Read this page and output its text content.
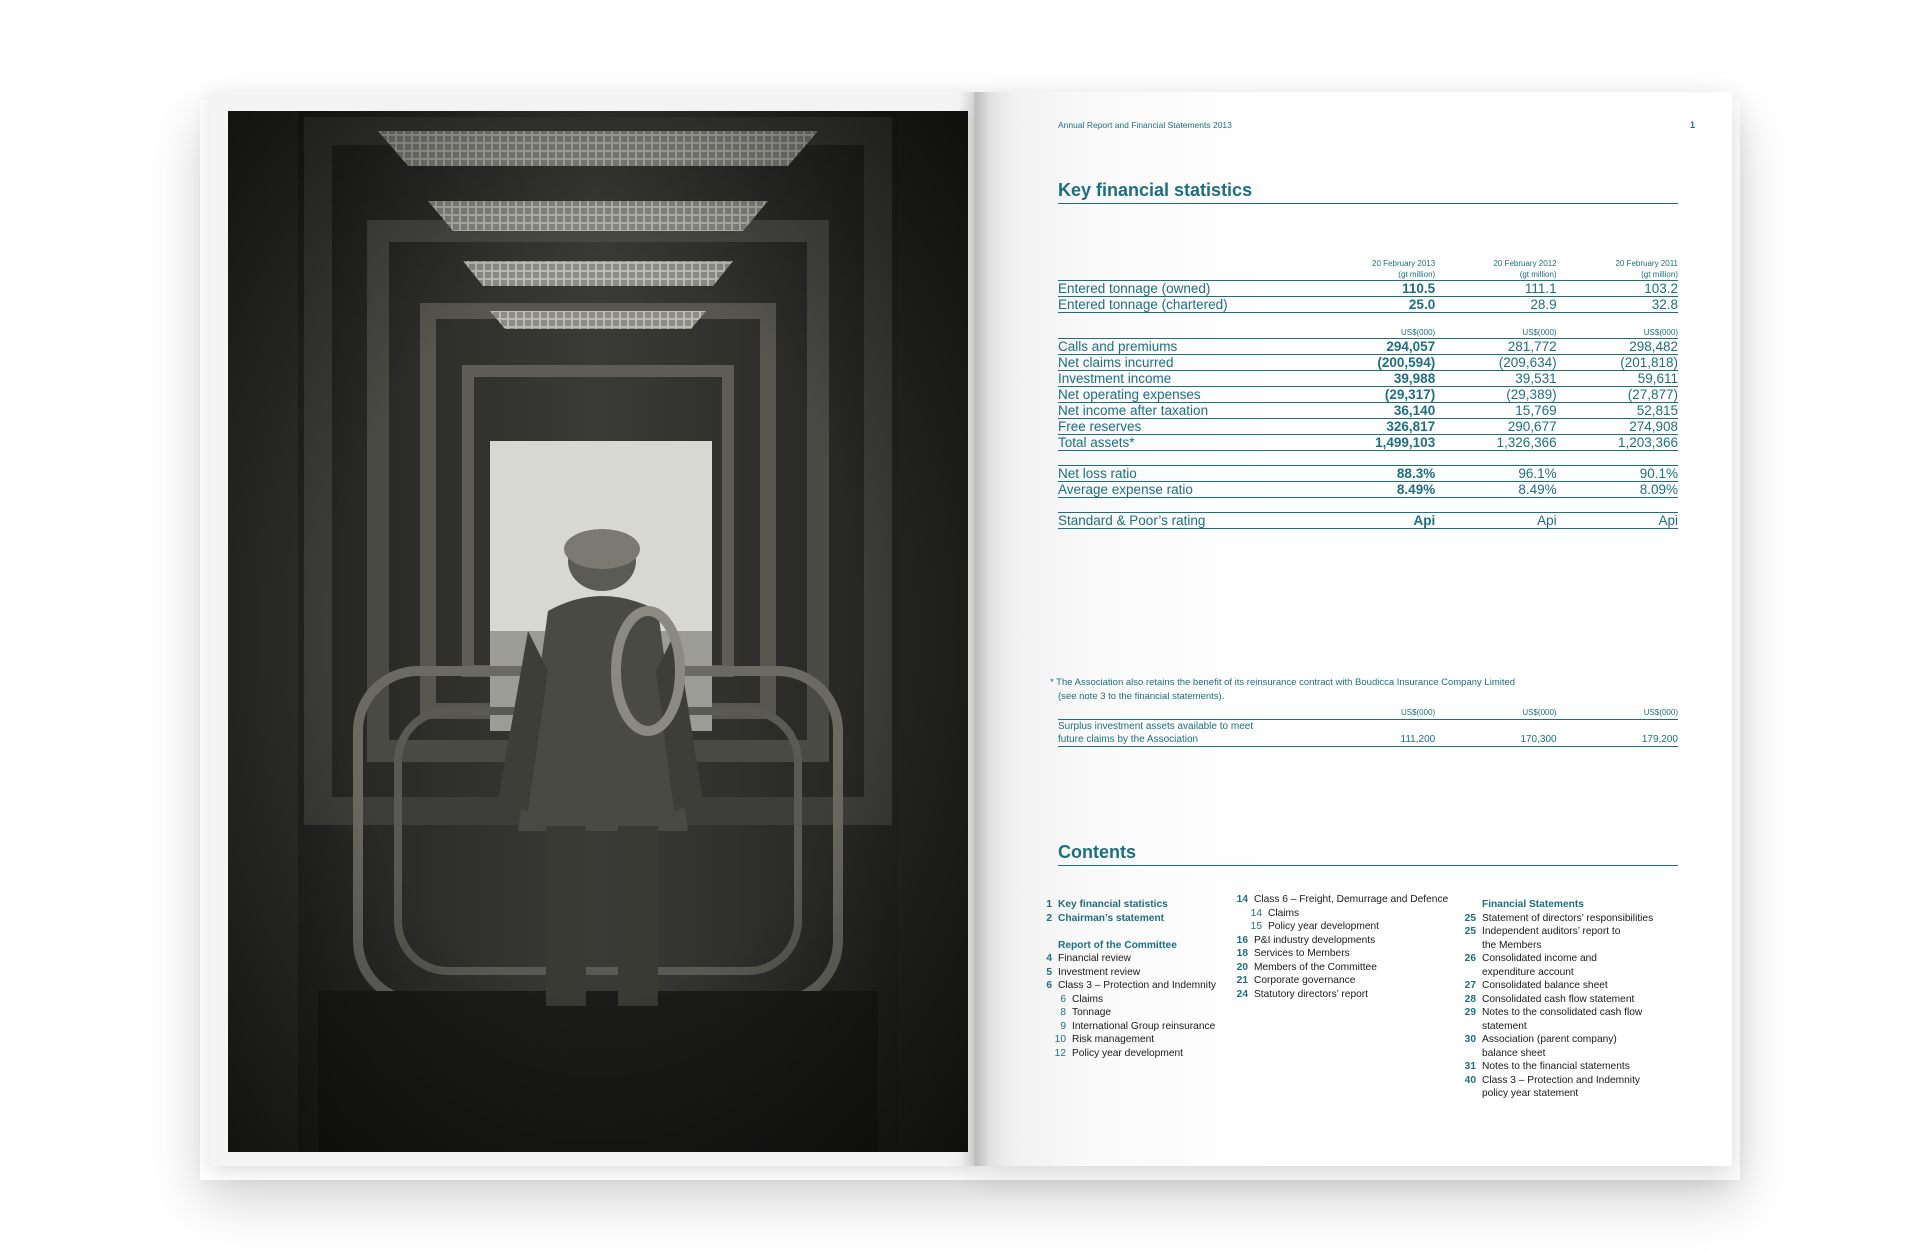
Annual Report and Financial Statements 2013	1
Key financial statistics
	20 February 2013	20 February 2012	20 February 2011
	(gt million)	(gt million)	(gt million)
Entered tonnage (owned)	110.5	111.1	103.2
Entered tonnage (chartered)	25.0	28.9	32.8

	US$(000)	US$(000)	US$(000)
Calls and premiums	294,057	281,772	298,482
Net claims incurred	(200,594)	(209,634)	(201,818)
Investment income	39,988	39,531	59,611
Net operating expenses	(29,317)	(29,389)	(27,877)
Net income after taxation	36,140	15,769	52,815
Free reserves	326,817	290,677	274,908
Total assets*	1,499,103	1,326,366	1,203,366

Net loss ratio	88.3%	96.1%	90.1%
Average expense ratio	8.49%	8.49%	8.09%

Standard & Poor’s rating	Api	Api	Api
* The Association also retains the benefit of its reinsurance contract with Boudicca Insurance Company Limited
(see note 3 to the financial statements).
	US$(000)	US$(000)	US$(000)
Surplus investment assets available to meet			
future claims by the Association	111,200	170,300	179,200
Contents
1 Key financial statistics
2 Chairman’s statement
Report of the Committee
4 Financial review
5 Investment review
6 Class 3 – Protection and Indemnity
6 Claims
8 Tonnage
9 International Group reinsurance
10 Risk management
12 Policy year development
14 Class 6 – Freight, Demurrage and Defence
14 Claims
15 Policy year development
16 P&I industry developments
18 Services to Members
20 Members of the Committee
21 Corporate governance
24 Statutory directors’ report
Financial Statements
25 Statement of directors’ responsibilities
25 Independent auditors’ report to
the Members
26 Consolidated income and
expenditure account
27 Consolidated balance sheet
28 Consolidated cash flow statement
29 Notes to the consolidated cash flow
statement
30 Association (parent company)
balance sheet
31 Notes to the financial statements
40 Class 3 – Protection and Indemnity
policy year statement
